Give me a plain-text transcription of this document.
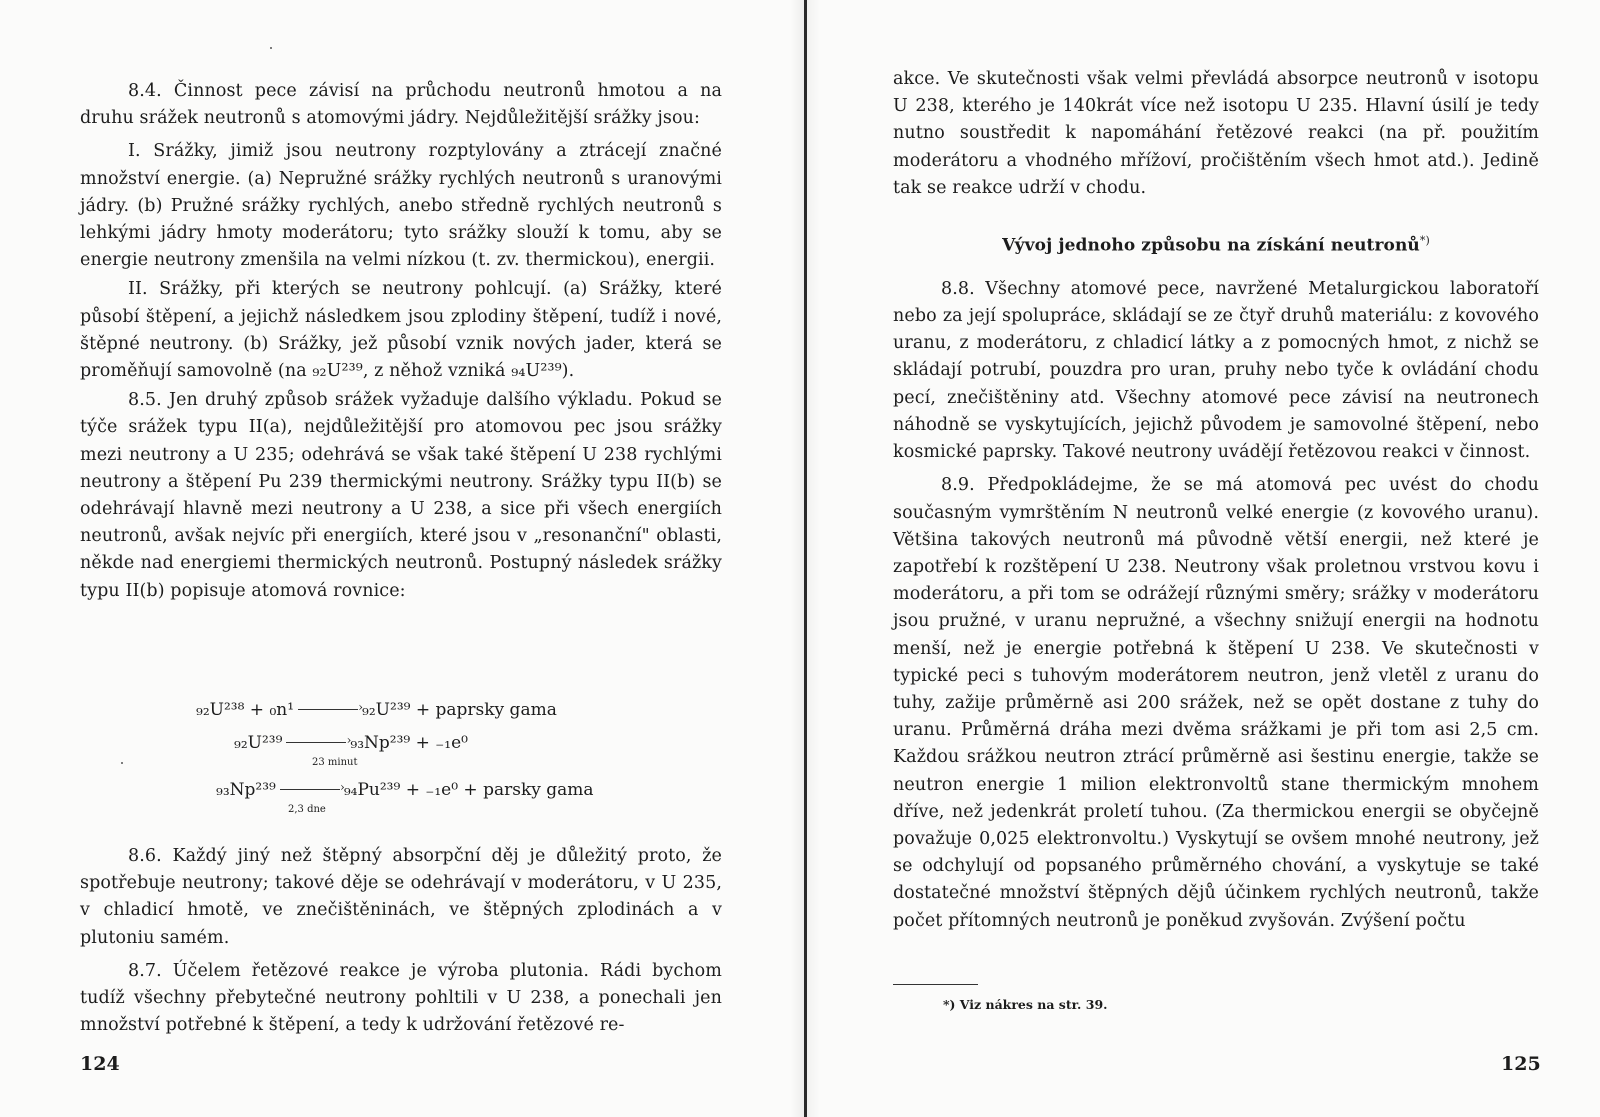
8.4. Činnost pece závisí na průchodu neutronů hmotou a na druhu srážek neutronů s atomovými jádry. Nejdůležitější srážky jsou:

I. Srážky, jimiž jsou neutrony rozptylovány a ztrácejí značné množství energie. (a) Nepružné srážky rychlých neutronů s uranovými jádry. (b) Pružné srážky rychlých, anebo středně rychlých neutronů s lehkými jádry hmoty moderátoru; tyto srážky slouží k tomu, aby se energie neutrony zmenšila na velmi nízkou (t. zv. thermickou), energii.

II. Srážky, při kterých se neutrony pohlcují. (a) Srážky, které působí štěpení, a jejichž následkem jsou zplodiny štěpení, tudíž i nové, štěpné neutrony. (b) Srážky, jež působí vznik nových jader, která se proměňují samovolně (na ₉₂U²³⁹, z něhož vzniká ₉₄U²³⁹).

8.5. Jen druhý způsob srážek vyžaduje dalšího výkladu. Pokud se týče srážek typu II(a), nejdůležitější pro atomovou pec jsou srážky mezi neutrony a U 235; odehrává se však také štěpení U 238 rychlými neutrony a štěpení Pu 239 thermickými neutrony. Srážky typu II(b) se odehrávají hlavně mezi neutrony a U 238, a sice při všech energiích neutronů, avšak nejvíc při energiích, které jsou v „resonanční" oblasti, někde nad energiemi thermických neutronů. Postupný následek srážky typu II(b) popisuje atomová rovnice:

₉₂U²³⁸ + ₀n¹ ›	₉₂U²³⁹ + paprsky gama
₉₂U²³⁹ ›	₉₃Np²³⁹ + ₋₁e⁰
23 minut
₉₃Np²³⁹ ›	₉₄Pu²³⁹ + ₋₁e⁰ + parsky gama
2,3 dne

8.6. Každý jiný než štěpný absorpční děj je důležitý proto, že spotřebuje neutrony; takové děje se odehrávají v moderátoru, v U 235, v chladicí hmotě, ve znečištěninách, ve štěpných zplodinách a v plutoniu samém.

8.7. Účelem řetězové reakce je výroba plutonia. Rádi bychom tudíž všechny přebytečné neutrony pohltili v U 238, a ponechali jen množství potřebné k štěpení, a tedy k udržování řetězové re-

124

akce. Ve skutečnosti však velmi převládá absorpce neutronů v isotopu U 238, kterého je 140krát více než isotopu U 235. Hlavní úsilí je tedy nutno soustředit k napomáhání řetězové reakci (na př. použitím moderátoru a vhodného mřížoví, pročištěním všech hmot atd.). Jedině tak se reakce udrží v chodu.

Vývoj jednoho způsobu na získání neutronů*)

8.8. Všechny atomové pece, navržené Metalurgickou laboratoří nebo za její spolupráce, skládají se ze čtyř druhů materiálu: z kovového uranu, z moderátoru, z chladicí látky a z pomocných hmot, z nichž se skládají potrubí, pouzdra pro uran, pruhy nebo tyče k ovládání chodu pecí, znečištěniny atd. Všechny atomové pece závisí na neutronech náhodně se vyskytujících, jejichž původem je samovolné štěpení, nebo kosmické paprsky. Takové neutrony uvádějí řetězovou reakci v činnost.

8.9. Předpokládejme, že se má atomová pec uvést do chodu současným vymrštěním N neutronů velké energie (z kovového uranu). Většina takových neutronů má původně větší energii, než které je zapotřebí k rozštěpení U 238. Neutrony však proletnou vrstvou kovu i moderátoru, a při tom se odrážejí různými směry; srážky v moderátoru jsou pružné, v uranu nepružné, a všechny snižují energii na hodnotu menší, než je energie potřebná k štěpení U 238. Ve skutečnosti v typické peci s tuhovým moderátorem neutron, jenž vletěl z uranu do tuhy, zažije průměrně asi 200 srážek, než se opět dostane z tuhy do uranu. Průměrná dráha mezi dvěma srážkami je při tom asi 2,5 cm. Každou srážkou neutron ztrácí průměrně asi šestinu energie, takže se neutron energie 1 milion elektronvoltů stane thermickým mnohem dříve, než jedenkrát proletí tuhou. (Za thermickou energii se obyčejně považuje 0,025 elektronvoltu.) Vyskytují se ovšem mnohé neutrony, jež se odchylují od popsaného průměrného chování, a vyskytuje se také dostatečné množství štěpných dějů účinkem rychlých neutronů, takže počet přítomných neutronů je poněkud zvyšován. Zvýšení počtu

*) Viz nákres na str. 39.
125
